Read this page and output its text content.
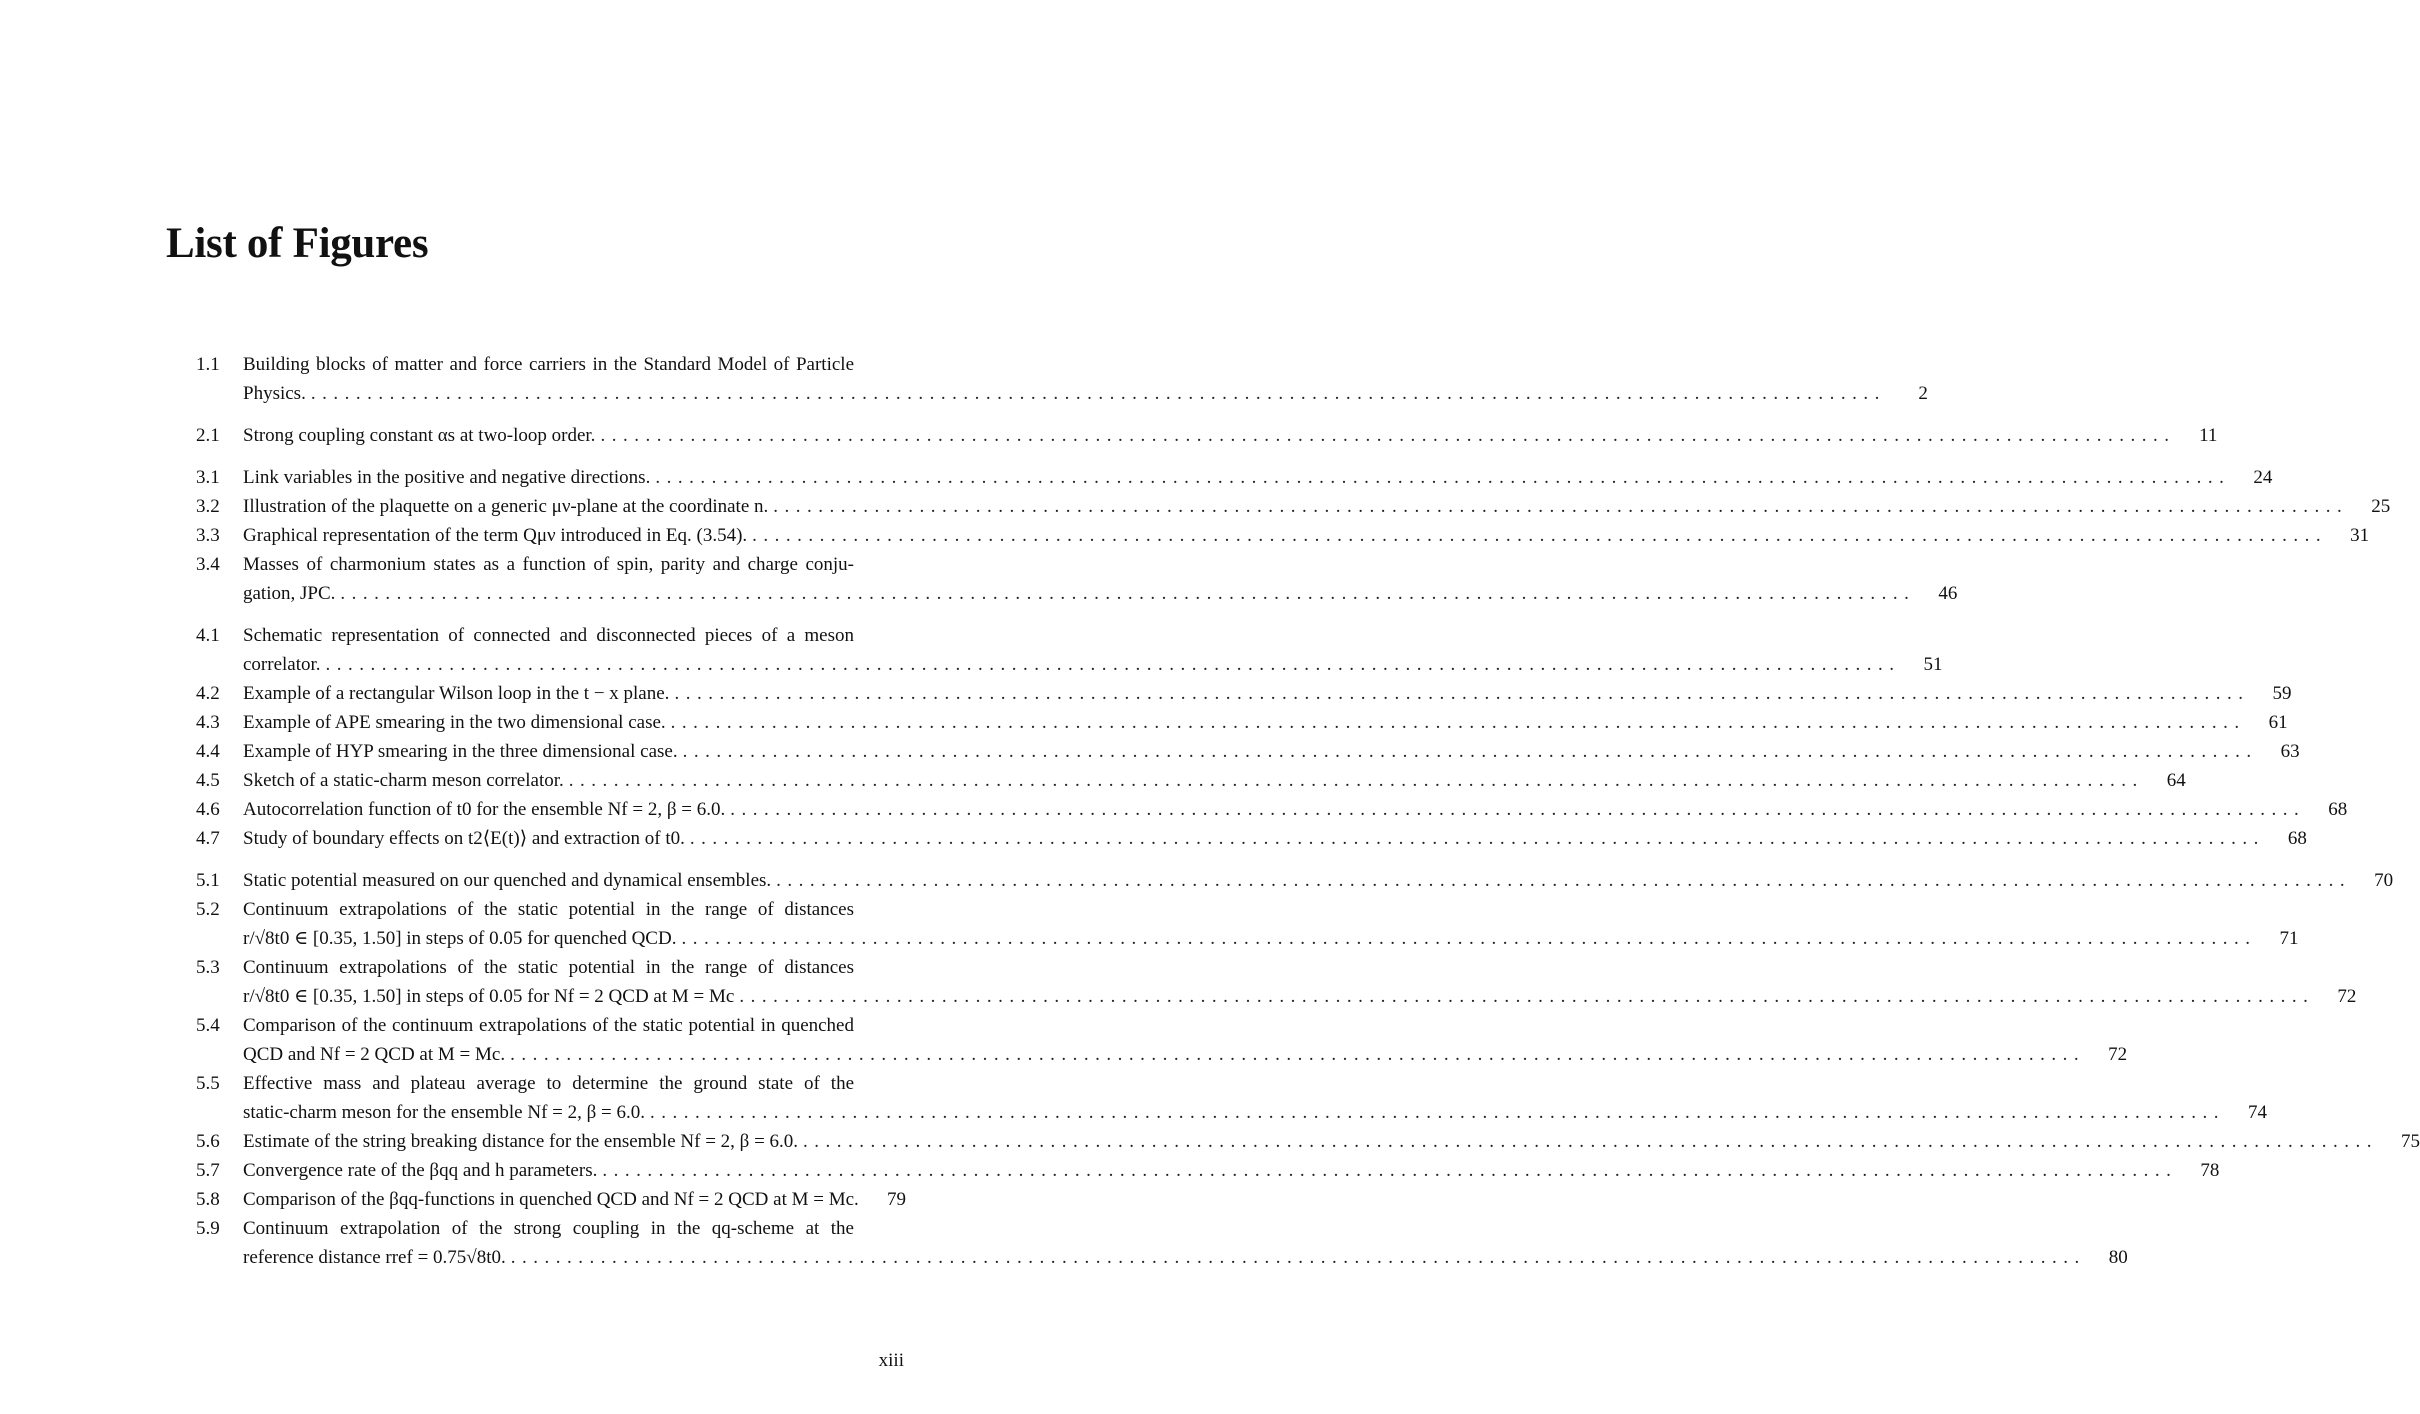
List of Figures
1.1	Building blocks of matter and force carriers in the Standard Model of Particle
Physics. ............................................................................................................................................	2
2.1	Strong coupling constant αs at two-loop order. ............................................................................................................................................	11
3.1	Link variables in the positive and negative directions. ............................................................................................................................................	24
3.2	Illustration of the plaquette on a generic μν-plane at the coordinate n. ............................................................................................................................................	25
3.3	Graphical representation of the term Qμν introduced in Eq. (3.54). ............................................................................................................................................	31
3.4	Masses of charmonium states as a function of spin, parity and charge conju-
gation, JPC. ............................................................................................................................................	46
4.1	Schematic representation of connected and disconnected pieces of a meson
correlator. ............................................................................................................................................	51
4.2	Example of a rectangular Wilson loop in the t − x plane. ............................................................................................................................................	59
4.3	Example of APE smearing in the two dimensional case. ............................................................................................................................................	61
4.4	Example of HYP smearing in the three dimensional case. ............................................................................................................................................	63
4.5	Sketch of a static-charm meson correlator. ............................................................................................................................................	64
4.6	Autocorrelation function of t0 for the ensemble Nf = 2, β = 6.0. ............................................................................................................................................	68
4.7	Study of boundary effects on t2⟨E(t)⟩ and extraction of t0. ............................................................................................................................................	68
5.1	Static potential measured on our quenched and dynamical ensembles. ............................................................................................................................................	70
5.2	Continuum extrapolations of the static potential in the range of distances
r/√8t0 ∈ [0.35, 1.50] in steps of 0.05 for quenched QCD. ............................................................................................................................................	71
5.3	Continuum extrapolations of the static potential in the range of distances
r/√8t0 ∈ [0.35, 1.50] in steps of 0.05 for Nf = 2 QCD at M = Mc ............................................................................................................................................	72
5.4	Comparison of the continuum extrapolations of the static potential in quenched
QCD and Nf = 2 QCD at M = Mc. ............................................................................................................................................	72
5.5	Effective mass and plateau average to determine the ground state of the
static-charm meson for the ensemble Nf = 2, β = 6.0. ............................................................................................................................................	74
5.6	Estimate of the string breaking distance for the ensemble Nf = 2, β = 6.0. ............................................................................................................................................	75
5.7	Convergence rate of the βqq and h parameters. ............................................................................................................................................	78
5.8	Comparison of the βqq-functions in quenched QCD and Nf = 2 QCD at M = Mc.	79
5.9	Continuum extrapolation of the strong coupling in the qq-scheme at the
reference distance rref = 0.75√8t0. ............................................................................................................................................	80
xiii
